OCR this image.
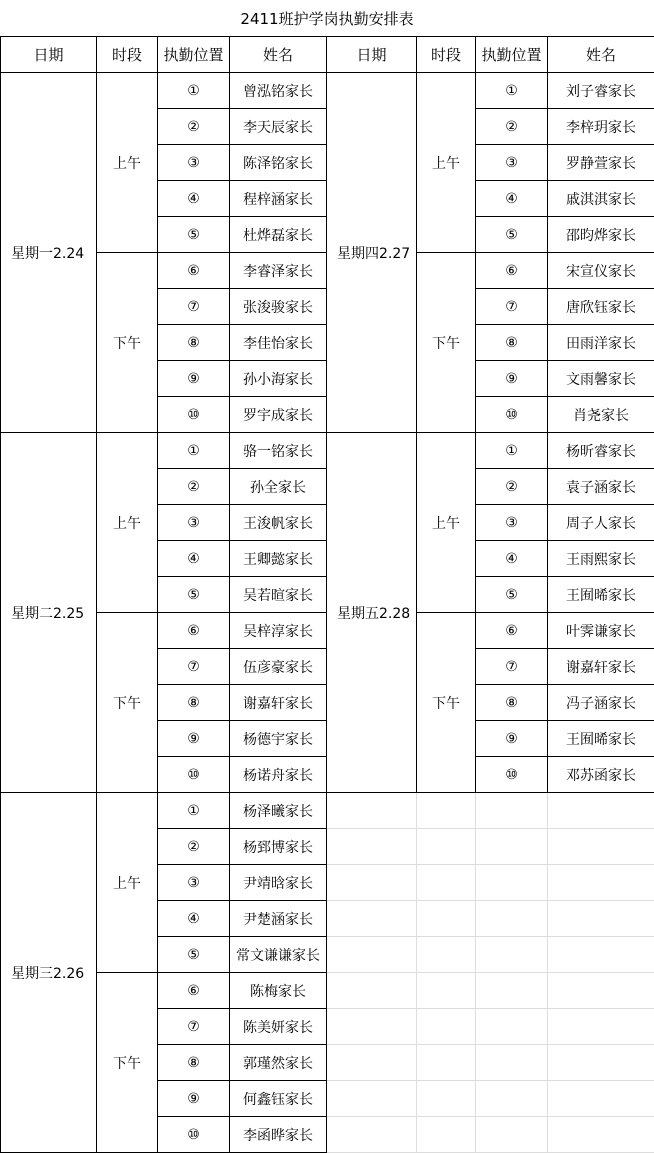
2411班护学岗执勤安排表
日期	时段	执勤位置	姓名	日期	时段	执勤位置	姓名
星期一2.24	上午	①	曾泓铭家长	星期四2.27	上午	①	刘子睿家长
		②	李天辰家长			②	李梓玥家长
		③	陈泽铭家长			③	罗静萱家长
		④	程梓涵家长			④	戚淇淇家长
		⑤	杜烨磊家长			⑤	邵昀烨家长
	下午	⑥	李睿泽家长		下午	⑥	宋宣仪家长
		⑦	张浚骏家长			⑦	唐欣钰家长
		⑧	李佳怡家长			⑧	田雨洋家长
		⑨	孙小海家长			⑨	文雨馨家长
		⑩	罗宇成家长			⑩	肖尧家长
星期二2.25	上午	①	骆一铭家长	星期五2.28	上午	①	杨昕睿家长
		②	孙全家长			②	袁子涵家长
		③	王浚帆家长			③	周子人家长
		④	王卿懿家长			④	王雨熙家长
		⑤	吴若暄家长			⑤	王囿晞家长
	下午	⑥	吴梓淳家长		下午	⑥	叶霁谦家长
		⑦	伍彦豪家长			⑦	谢嘉轩家长
		⑧	谢嘉轩家长			⑧	冯子涵家长
		⑨	杨德宇家长			⑨	王囿晞家长
		⑩	杨诺舟家长			⑩	邓苏函家长
星期三2.26	上午	①	杨泽曦家长				
		②	杨郅博家长				
		③	尹靖晗家长				
		④	尹楚涵家长				
		⑤	常文谦谦家长				
	下午	⑥	陈梅家长				
		⑦	陈美妍家长				
		⑧	郭瑾然家长				
		⑨	何鑫钰家长				
		⑩	李函晔家长				
